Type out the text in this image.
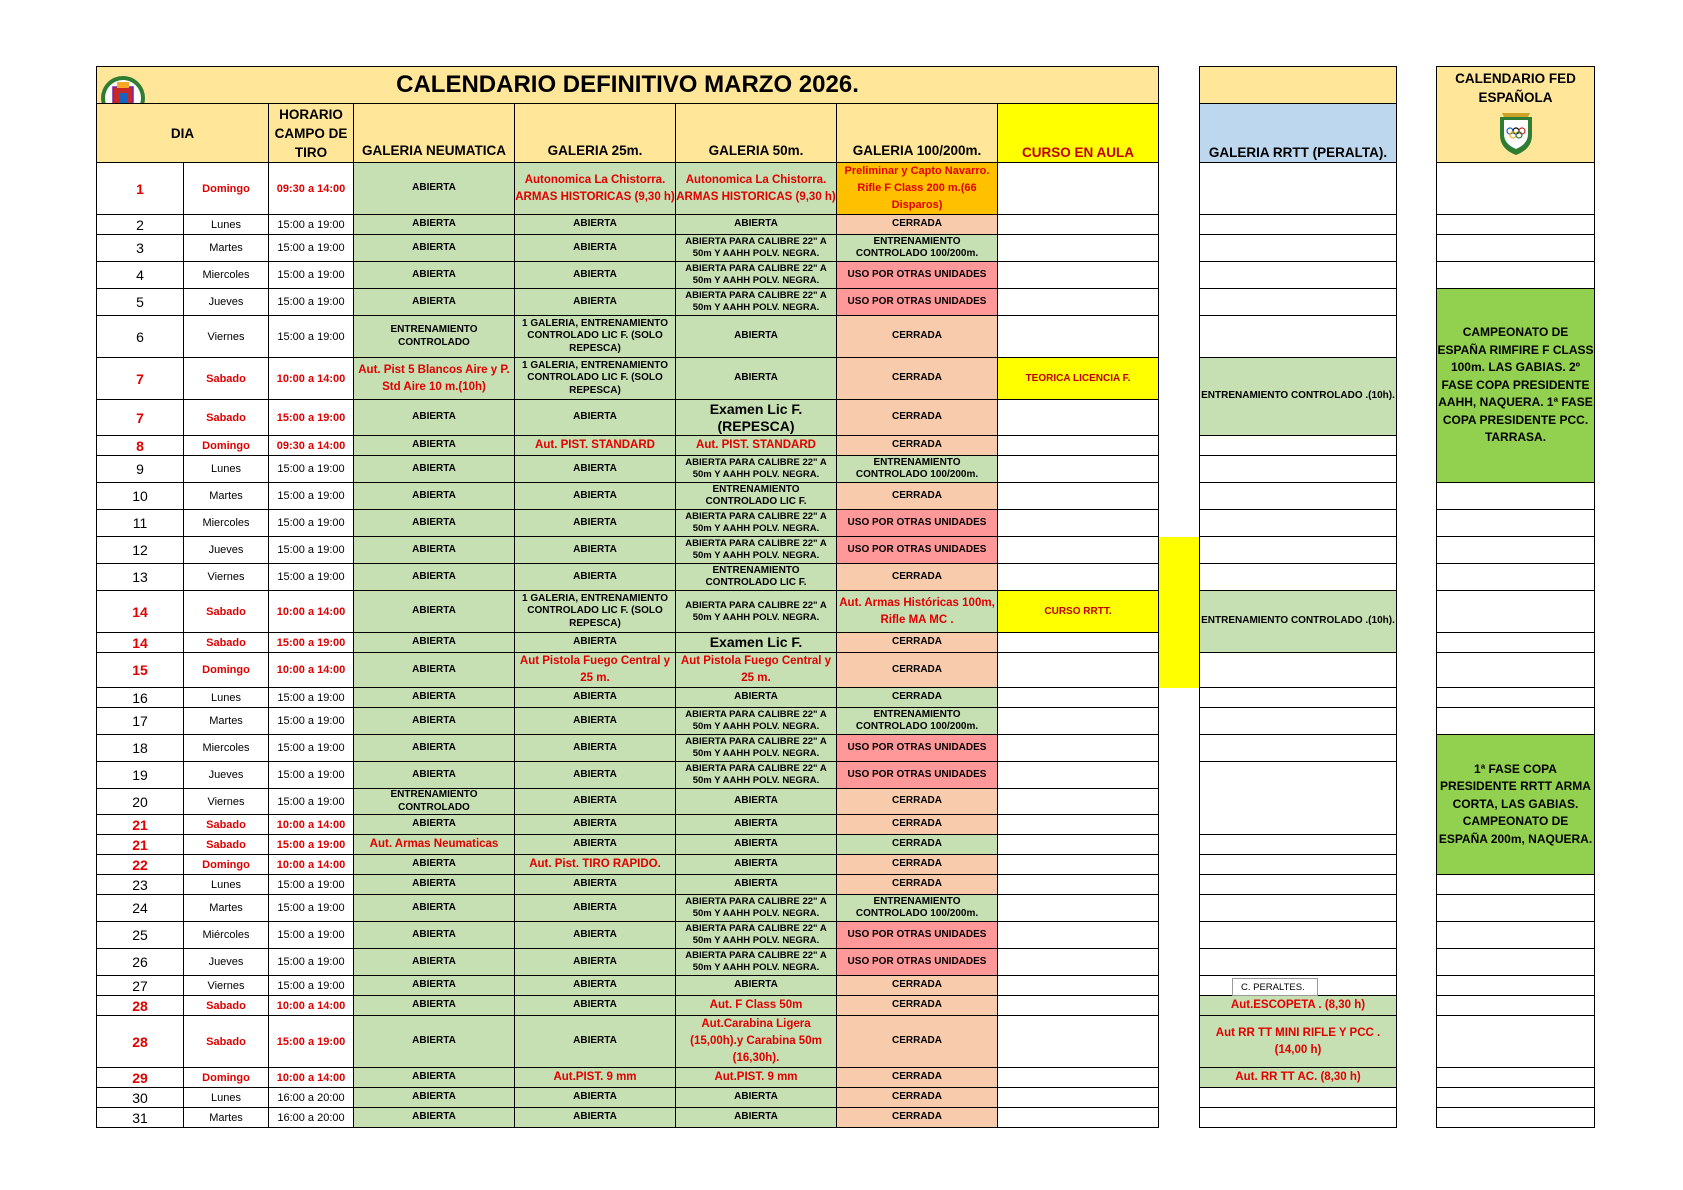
CALENDARIO DEFINITIVO MARZO 2026.											CALENDARIO FED ESPAÑOLA

DIA		HORARIO CAMPO DE TIRO	GALERIA NEUMATICA	GALERIA 25m.	GALERIA 50m.	GALERIA 100/200m.	CURSO EN AULA		GALERIA RRTT (PERALTA).		
1	Domingo	09:30 a 14:00	ABIERTA	Autonomica La Chistorra. ARMAS HISTORICAS (9,30 h)	Autonomica La Chistorra. ARMAS HISTORICAS (9,30 h)	Preliminar y Capto Navarro. Rifle F Class 200 m.(66 Disparos)					
2	Lunes	15:00 a 19:00	ABIERTA	ABIERTA	ABIERTA	CERRADA					
3	Martes	15:00 a 19:00	ABIERTA	ABIERTA	ABIERTA PARA CALIBRE 22" A 50m Y AAHH POLV. NEGRA.	ENTRENAMIENTO CONTROLADO 100/200m.					
4	Miercoles	15:00 a 19:00	ABIERTA	ABIERTA	ABIERTA PARA CALIBRE 22" A 50m Y AAHH POLV. NEGRA.	USO POR OTRAS UNIDADES					
5	Jueves	15:00 a 19:00	ABIERTA	ABIERTA	ABIERTA PARA CALIBRE 22" A 50m Y AAHH POLV. NEGRA.	USO POR OTRAS UNIDADES					CAMPEONATO DE ESPAÑA RIMFIRE F CLASS 100m. LAS GABIAS. 2º FASE COPA PRESIDENTE AAHH, NAQUERA. 1ª FASE COPA PRESIDENTE PCC. TARRASA.
6	Viernes	15:00 a 19:00	ENTRENAMIENTO CONTROLADO	1 GALERIA, ENTRENAMIENTO CONTROLADO LIC F. (SOLO REPESCA)	ABIERTA	CERRADA					
7	Sabado	10:00 a 14:00	Aut. Pist 5 Blancos Aire y P. Std Aire 10 m.(10h)	1 GALERIA, ENTRENAMIENTO CONTROLADO LIC F. (SOLO REPESCA)	ABIERTA	CERRADA	TEORICA LICENCIA F.		ENTRENAMIENTO CONTROLADO .(10h).		
7	Sabado	15:00 a 19:00	ABIERTA	ABIERTA	Examen Lic F.(REPESCA)	CERRADA					
8	Domingo	09:30 a 14:00	ABIERTA	Aut. PIST. STANDARD	Aut. PIST. STANDARD	CERRADA					
9	Lunes	15:00 a 19:00	ABIERTA	ABIERTA	ABIERTA PARA CALIBRE 22" A 50m Y AAHH POLV. NEGRA.	ENTRENAMIENTO CONTROLADO 100/200m.					
10	Martes	15:00 a 19:00	ABIERTA	ABIERTA	ENTRENAMIENTO CONTROLADO LIC F.	CERRADA					
11	Miercoles	15:00 a 19:00	ABIERTA	ABIERTA	ABIERTA PARA CALIBRE 22" A 50m Y AAHH POLV. NEGRA.	USO POR OTRAS UNIDADES					
12	Jueves	15:00 a 19:00	ABIERTA	ABIERTA	ABIERTA PARA CALIBRE 22" A 50m Y AAHH POLV. NEGRA.	USO POR OTRAS UNIDADES					
13	Viernes	15:00 a 19:00	ABIERTA	ABIERTA	ENTRENAMIENTO CONTROLADO LIC F.	CERRADA					
14	Sabado	10:00 a 14:00	ABIERTA	1 GALERIA, ENTRENAMIENTO CONTROLADO LIC F. (SOLO REPESCA)	ABIERTA PARA CALIBRE 22" A 50m Y AAHH POLV. NEGRA.	Aut. Armas Históricas 100m, Rifle MA MC .	CURSO RRTT.		ENTRENAMIENTO CONTROLADO .(10h).		
14	Sabado	15:00 a 19:00	ABIERTA	ABIERTA	Examen Lic F.	CERRADA					
15	Domingo	10:00 a 14:00	ABIERTA	Aut Pistola Fuego Central y 25 m.	Aut Pistola Fuego Central y 25 m.	CERRADA					
16	Lunes	15:00 a 19:00	ABIERTA	ABIERTA	ABIERTA	CERRADA					
17	Martes	15:00 a 19:00	ABIERTA	ABIERTA	ABIERTA PARA CALIBRE 22" A 50m Y AAHH POLV. NEGRA.	ENTRENAMIENTO CONTROLADO 100/200m.					
18	Miercoles	15:00 a 19:00	ABIERTA	ABIERTA	ABIERTA PARA CALIBRE 22" A 50m Y AAHH POLV. NEGRA.	USO POR OTRAS UNIDADES					1ª FASE COPA PRESIDENTE RRTT ARMA CORTA, LAS GABIAS. CAMPEONATO DE ESPAÑA 200m, NAQUERA.
19	Jueves	15:00 a 19:00	ABIERTA	ABIERTA	ABIERTA PARA CALIBRE 22" A 50m Y AAHH POLV. NEGRA.	USO POR OTRAS UNIDADES					
20	Viernes	15:00 a 19:00	ENTRENAMIENTO CONTROLADO	ABIERTA	ABIERTA	CERRADA					
21	Sabado	10:00 a 14:00	ABIERTA	ABIERTA	ABIERTA	CERRADA					
21	Sabado	15:00 a 19:00	Aut. Armas Neumaticas	ABIERTA	ABIERTA	CERRADA					
22	Domingo	10:00 a 14:00	ABIERTA	Aut. Pist. TIRO RAPIDO.	ABIERTA	CERRADA					
23	Lunes	15:00 a 19:00	ABIERTA	ABIERTA	ABIERTA	CERRADA					
24	Martes	15:00 a 19:00	ABIERTA	ABIERTA	ABIERTA PARA CALIBRE 22" A 50m Y AAHH POLV. NEGRA.	ENTRENAMIENTO CONTROLADO 100/200m.					
25	Miércoles	15:00 a 19:00	ABIERTA	ABIERTA	ABIERTA PARA CALIBRE 22" A 50m Y AAHH POLV. NEGRA.	USO POR OTRAS UNIDADES					
26	Jueves	15:00 a 19:00	ABIERTA	ABIERTA	ABIERTA PARA CALIBRE 22" A 50m Y AAHH POLV. NEGRA.	USO POR OTRAS UNIDADES					
27	Viernes	15:00 a 19:00	ABIERTA	ABIERTA	ABIERTA	CERRADA					
28	Sabado	10:00 a 14:00	ABIERTA	ABIERTA	Aut. F Class 50m	CERRADA			Aut.ESCOPETA . (8,30 h)		
28	Sabado	15:00 a 19:00	ABIERTA	ABIERTA	Aut.Carabina Ligera (15,00h).y Carabina 50m (16,30h).	CERRADA			Aut RR TT MINI RIFLE Y PCC . (14,00 h)		
29	Domingo	10:00 a 14:00	ABIERTA	Aut.PIST. 9 mm	Aut.PIST. 9 mm	CERRADA			Aut. RR TT AC. (8,30 h)		
30	Lunes	16:00 a 20:00	ABIERTA	ABIERTA	ABIERTA	CERRADA					
31	Martes	16:00 a 20:00	ABIERTA	ABIERTA	ABIERTA	CERRADA					
C. PERALTES.
